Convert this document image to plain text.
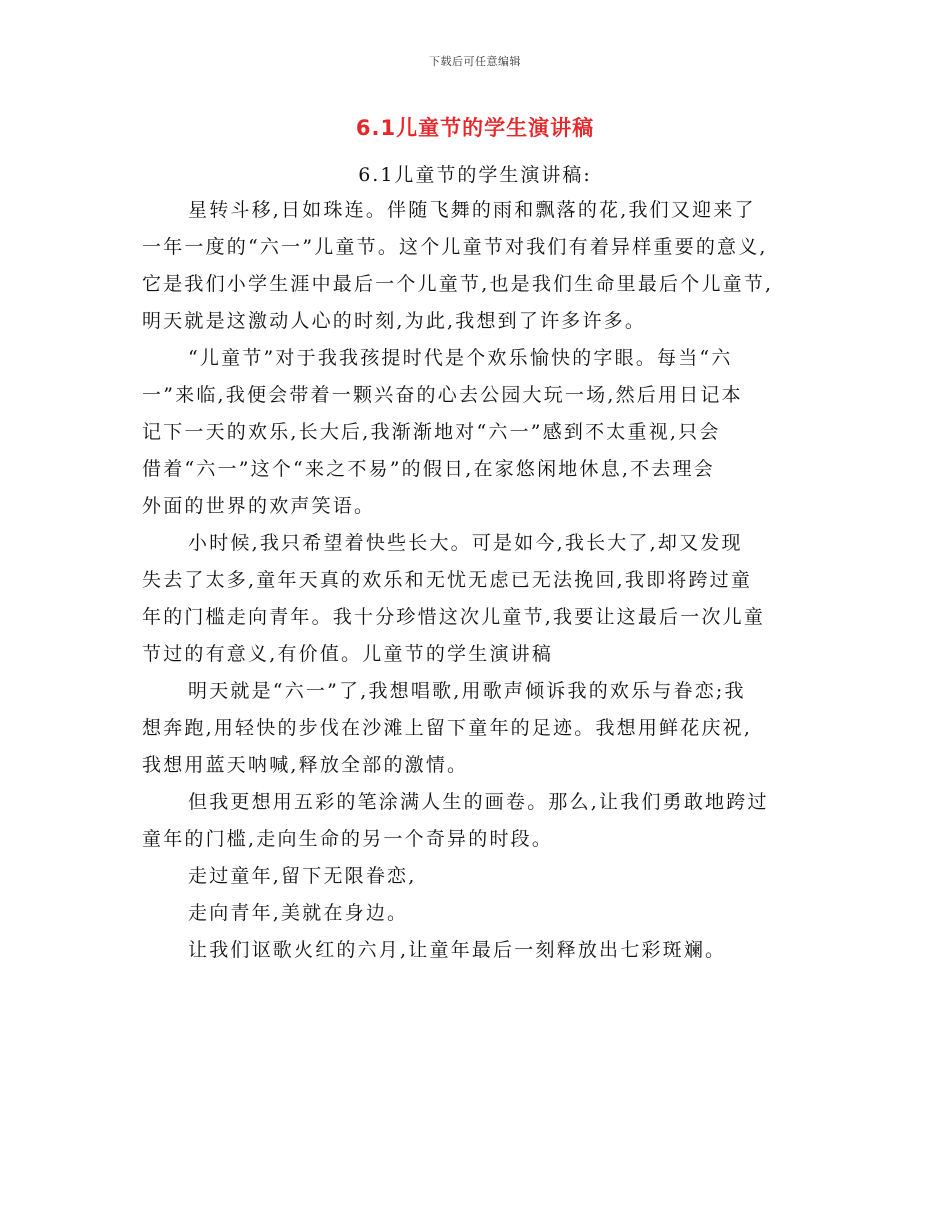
下载后可任意编辑
6.1儿童节的学生演讲稿
6.1儿童节的学生演讲稿:
星转斗移,日如珠连。伴随飞舞的雨和飘落的花,我们又迎来了
一年一度的“六一”儿童节。这个儿童节对我们有着异样重要的意义,
它是我们小学生涯中最后一个儿童节,也是我们生命里最后个儿童节,
明天就是这激动人心的时刻,为此,我想到了许多许多。
“儿童节”对于我我孩提时代是个欢乐愉快的字眼。每当“六
一”来临,我便会带着一颗兴奋的心去公园大玩一场,然后用日记本
记下一天的欢乐,长大后,我渐渐地对“六一”感到不太重视,只会
借着“六一”这个“来之不易”的假日,在家悠闲地休息,不去理会
外面的世界的欢声笑语。
小时候,我只希望着快些长大。可是如今,我长大了,却又发现
失去了太多,童年天真的欢乐和无忧无虑已无法挽回,我即将跨过童
年的门槛走向青年。我十分珍惜这次儿童节,我要让这最后一次儿童
节过的有意义,有价值。儿童节的学生演讲稿
明天就是“六一”了,我想唱歌,用歌声倾诉我的欢乐与眷恋;我
想奔跑,用轻快的步伐在沙滩上留下童年的足迹。我想用鲜花庆祝,
我想用蓝天呐喊,释放全部的激情。
但我更想用五彩的笔涂满人生的画卷。那么,让我们勇敢地跨过
童年的门槛,走向生命的另一个奇异的时段。
走过童年,留下无限眷恋,
走向青年,美就在身边。
让我们讴歌火红的六月,让童年最后一刻释放出七彩斑斓。
